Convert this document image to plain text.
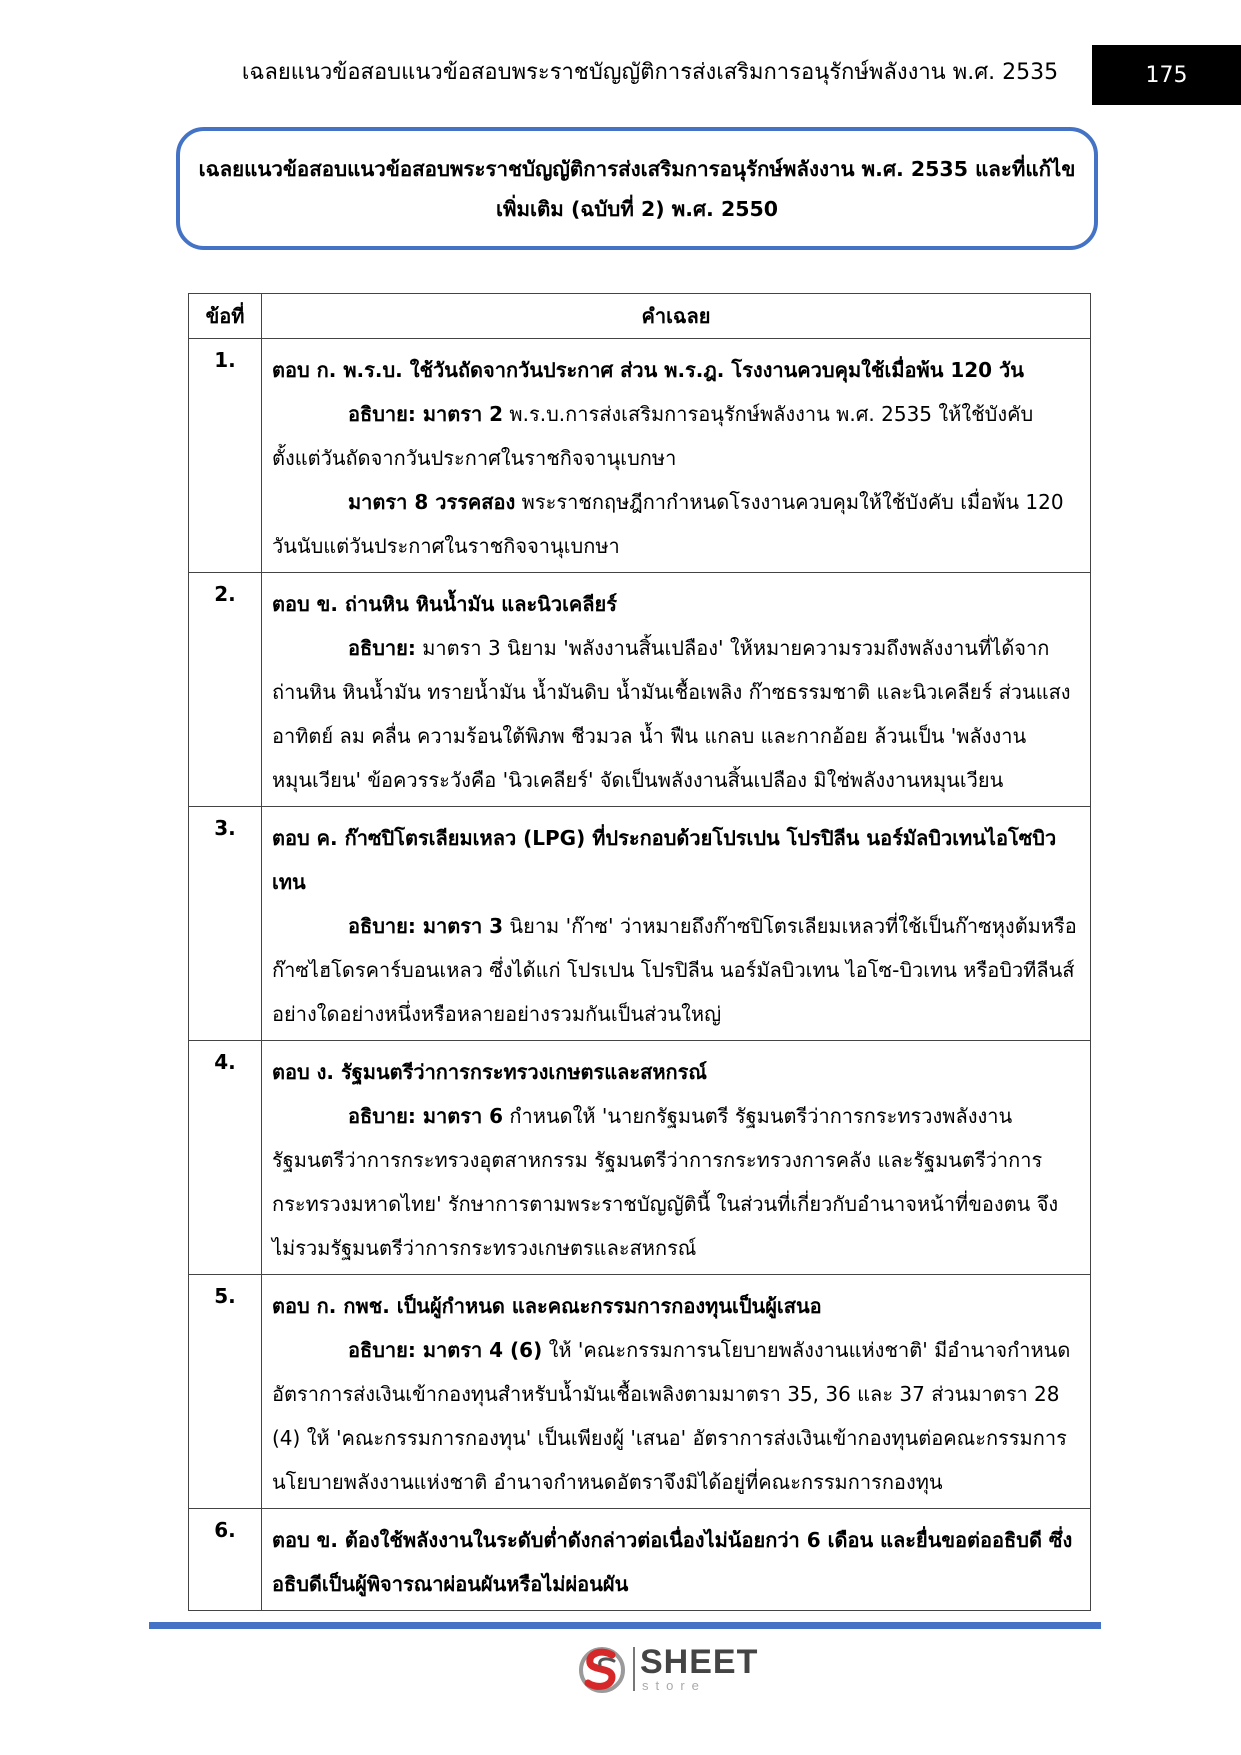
เฉลยแนวข้อสอบแนวข้อสอบพระราชบัญญัติการส่งเสริมการอนุรักษ์พลังงาน พ.ศ. 2535	175
เฉลยแนวข้อสอบแนวข้อสอบพระราชบัญญัติการส่งเสริมการอนุรักษ์พลังงาน พ.ศ. 2535 และที่แก้ไขเพิ่มเติม (ฉบับที่ 2) พ.ศ. 2550
ข้อที่	คำเฉลย
1.	ตอบ ก. พ.ร.บ. ใช้วันถัดจากวันประกาศ ส่วน พ.ร.ฎ. โรงงานควบคุมใช้เมื่อพ้น 120 วัน
อธิบาย: มาตรา 2 พ.ร.บ.การส่งเสริมการอนุรักษ์พลังงาน พ.ศ. 2535 ให้ใช้บังคับตั้งแต่วันถัดจากวันประกาศในราชกิจจานุเบกษา
มาตรา 8 วรรคสอง พระราชกฤษฎีกากำหนดโรงงานควบคุมให้ใช้บังคับ เมื่อพ้น 120 วันนับแต่วันประกาศในราชกิจจานุเบกษา

2.	ตอบ ข. ถ่านหิน หินน้ำมัน และนิวเคลียร์
อธิบาย: มาตรา 3 นิยาม 'พลังงานสิ้นเปลือง' ให้หมายความรวมถึงพลังงานที่ได้จากถ่านหิน หินน้ำมัน ทรายน้ำมัน น้ำมันดิบ น้ำมันเชื้อเพลิง ก๊าซธรรมชาติ และนิวเคลียร์ ส่วนแสงอาทิตย์ ลม คลื่น ความร้อนใต้พิภพ ชีวมวล น้ำ ฟืน แกลบ และกากอ้อย ล้วนเป็น 'พลังงานหมุนเวียน' ข้อควรระวังคือ 'นิวเคลียร์' จัดเป็นพลังงานสิ้นเปลือง มิใช่พลังงานหมุนเวียน

3.	ตอบ ค. ก๊าซปิโตรเลียมเหลว (LPG) ที่ประกอบด้วยโปรเปน โปรปิลีน นอร์มัลบิวเทนไอโซบิวเทน
อธิบาย: มาตรา 3 นิยาม 'ก๊าซ' ว่าหมายถึงก๊าซปิโตรเลียมเหลวที่ใช้เป็นก๊าซหุงต้มหรือก๊าซไฮโดรคาร์บอนเหลว ซึ่งได้แก่ โปรเปน โปรปิลีน นอร์มัลบิวเทน ไอโซ-บิวเทน หรือบิวทีลีนส์ อย่างใดอย่างหนึ่งหรือหลายอย่างรวมกันเป็นส่วนใหญ่

4.	ตอบ ง. รัฐมนตรีว่าการกระทรวงเกษตรและสหกรณ์
อธิบาย: มาตรา 6 กำหนดให้ 'นายกรัฐมนตรี รัฐมนตรีว่าการกระทรวงพลังงาน รัฐมนตรีว่าการกระทรวงอุตสาหกรรม รัฐมนตรีว่าการกระทรวงการคลัง และรัฐมนตรีว่าการกระทรวงมหาดไทย' รักษาการตามพระราชบัญญัตินี้ ในส่วนที่เกี่ยวกับอำนาจหน้าที่ของตน จึงไม่รวมรัฐมนตรีว่าการกระทรวงเกษตรและสหกรณ์

5.	ตอบ ก. กพช. เป็นผู้กำหนด และคณะกรรมการกองทุนเป็นผู้เสนอ
อธิบาย: มาตรา 4 (6) ให้ 'คณะกรรมการนโยบายพลังงานแห่งชาติ' มีอำนาจกำหนดอัตราการส่งเงินเข้ากองทุนสำหรับน้ำมันเชื้อเพลิงตามมาตรา 35, 36 และ 37 ส่วนมาตรา 28 (4) ให้ 'คณะกรรมการกองทุน' เป็นเพียงผู้ 'เสนอ' อัตราการส่งเงินเข้ากองทุนต่อคณะกรรมการนโยบายพลังงานแห่งชาติ อำนาจกำหนดอัตราจึงมิได้อยู่ที่คณะกรรมการกองทุน

6.	ตอบ ข. ต้องใช้พลังงานในระดับต่ำดังกล่าวต่อเนื่องไม่น้อยกว่า 6 เดือน และยื่นขอต่ออธิบดี ซึ่งอธิบดีเป็นผู้พิจารณาผ่อนผันหรือไม่ผ่อนผัน
SHEET
store
